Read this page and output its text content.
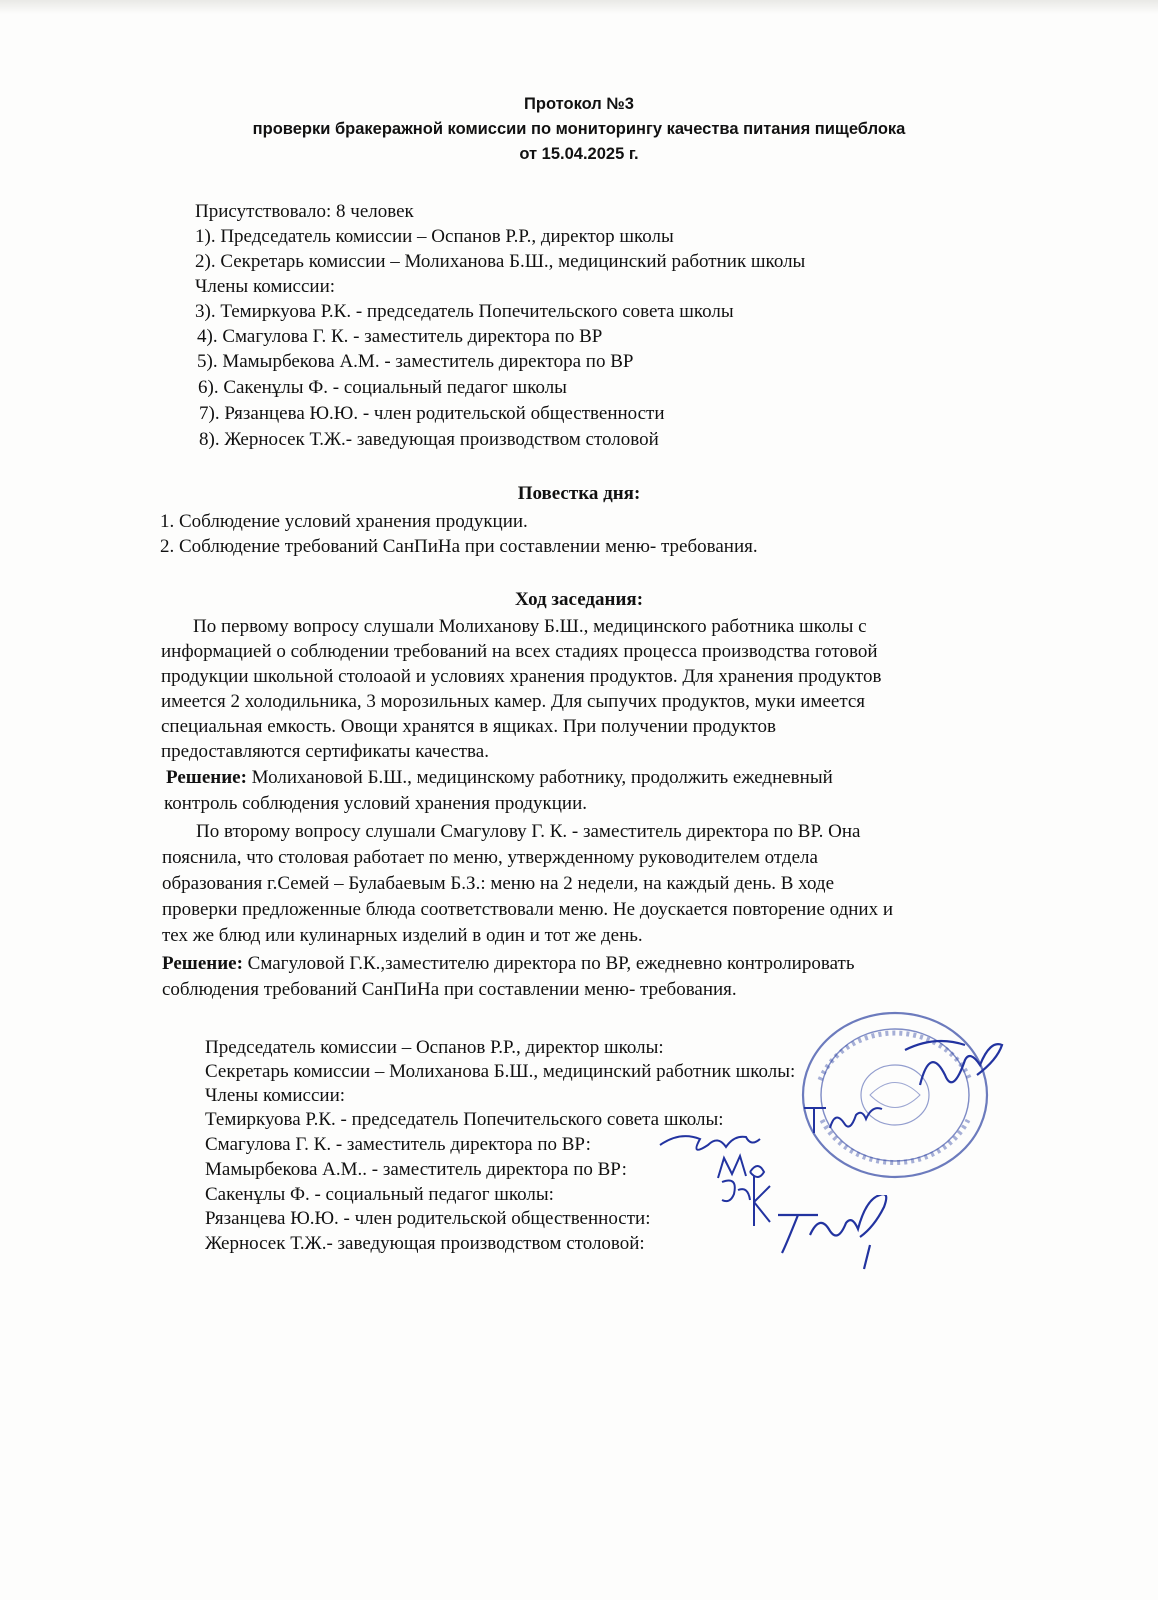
Протокол №3
проверки бракеражной комиссии по мониторингу качества питания пищеблока
от 15.04.2025 г.
Присутствовало: 8 человек
1). Председатель комиссии – Оспанов Р.Р., директор школы
2). Секретарь комиссии – Молиханова Б.Ш., медицинский работник школы
Члены комиссии:
3). Темиркуова Р.К. - председатель Попечительского совета школы
4). Смагулова Г. К. - заместитель директора по ВР
5). Мамырбекова А.М. - заместитель директора по ВР
6). Сакенұлы Ф. - социальный педагог школы
7). Рязанцева Ю.Ю. - член родительской общественности
8). Жерносек Т.Ж.- заведующая производством столовой
Повестка дня:
1. Соблюдение условий хранения продукции.
2. Соблюдение требований СанПиНа при составлении меню- требования.
Ход заседания:
По первому вопросу слушали Молиханову Б.Ш., медицинского работника школы с
информацией о соблюдении требований на всех стадиях процесса производства готовой
продукции школьной столоаой и условиях хранения продуктов. Для хранения продуктов
имеется 2 холодильника, 3 морозильных камер. Для сыпучих продуктов, муки имеется
специальная емкость. Овощи хранятся в ящиках. При получении продуктов
предоставляются сертификаты качества.
Решение: Молихановой Б.Ш., медицинскому работнику, продолжить ежедневный
контроль соблюдения условий хранения продукции.
По второму вопросу слушали Смагулову Г. К. - заместитель директора по ВР. Она
пояснила, что столовая работает по меню, утвержденному руководителем отдела
образования г.Семей – Булабаевым Б.З.: меню на 2 недели, на каждый день. В ходе
проверки предложенные блюда соответствовали меню. Не доускается повторение одних и
тех же блюд или кулинарных изделий в один и тот же день.
Решение: Смагуловой Г.К.,заместителю директора по ВР, ежедневно контролировать
соблюдения требований СанПиНа при составлении меню- требования.
Председатель комиссии – Оспанов Р.Р., директор школы:
Секретарь комиссии – Молиханова Б.Ш., медицинский работник школы:
Члены комиссии:
Темиркуова Р.К. - председатель Попечительского совета школы:
Смагулова Г. К. - заместитель директора по ВР:
Мамырбекова А.М.. - заместитель директора по ВР:
Сакенұлы Ф. - социальный педагог школы:
Рязанцева Ю.Ю. - член родительской общественности:
Жерносек Т.Ж.- заведующая производством столовой:
